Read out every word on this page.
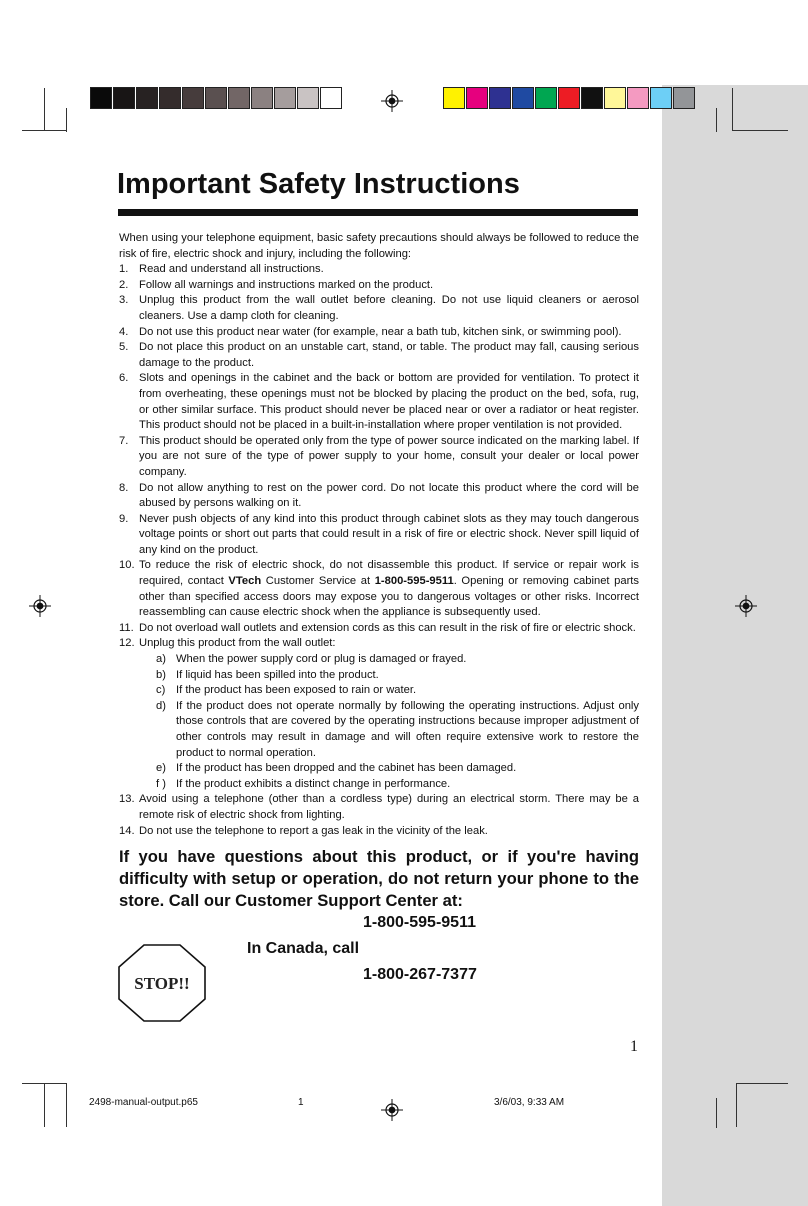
Important Safety Instructions

When using your telephone equipment, basic safety precautions should always be followed to reduce the risk of fire, electric shock and injury, including the following:

1. Read and understand all instructions.
2. Follow all warnings and instructions marked on the product.
3. Unplug this product from the wall outlet before cleaning. Do not use liquid cleaners or aerosol cleaners. Use a damp cloth for cleaning.
4. Do not use this product near water (for example, near a bath tub, kitchen sink, or swimming pool).
5. Do not place this product on an unstable cart, stand, or table. The product may fall, causing serious damage to the product.
6. Slots and openings in the cabinet and the back or bottom are provided for ventilation. To protect it from overheating, these openings must not be blocked by placing the product on the bed, sofa, rug, or other similar surface. This product should never be placed near or over a radiator or heat register. This product should not be placed in a built-in-installation where proper ventilation is not provided.
7. This product should be operated only from the type of power source indicated on the marking label. If you are not sure of the type of power supply to your home, consult your dealer or local power company.
8. Do not allow anything to rest on the power cord. Do not locate this product where the cord will be abused by persons walking on it.
9. Never push objects of any kind into this product through cabinet slots as they may touch dangerous voltage points or short out parts that could result in a risk of fire or electric shock. Never spill liquid of any kind on the product.
10. To reduce the risk of electric shock, do not disassemble this product. If service or repair work is required, contact VTech Customer Service at 1-800-595-9511. Opening or removing cabinet parts other than specified access doors may expose you to dangerous voltages or other risks. Incorrect reassembling can cause electric shock when the appliance is subsequently used.
11. Do not overload wall outlets and extension cords as this can result in the risk of fire or electric shock.
12. Unplug this product from the wall outlet:
a) When the power supply cord or plug is damaged or frayed.
b) If liquid has been spilled into the product.
c) If the product has been exposed to rain or water.
d) If the product does not operate normally by following the operating instructions. Adjust only those controls that are covered by the operating instructions because improper adjustment of other controls may result in damage and will often require extensive work to restore the product to normal operation.
e) If the product has been dropped and the cabinet has been damaged.
f ) If the product exhibits a distinct change in performance.
13. Avoid using a telephone (other than a cordless type) during an electrical storm. There may be a remote risk of electric shock from lighting.
14. Do not use the telephone to report a gas leak in the vicinity of the leak.

If you have questions about this product, or if you're having difficulty with setup or operation, do not return your phone to the store. Call our Customer Support Center at:

1-800-595-9511
In Canada, call
1-800-267-7377
STOP!!
1
2498-manual-output.p65	1	3/6/03, 9:33 AM
